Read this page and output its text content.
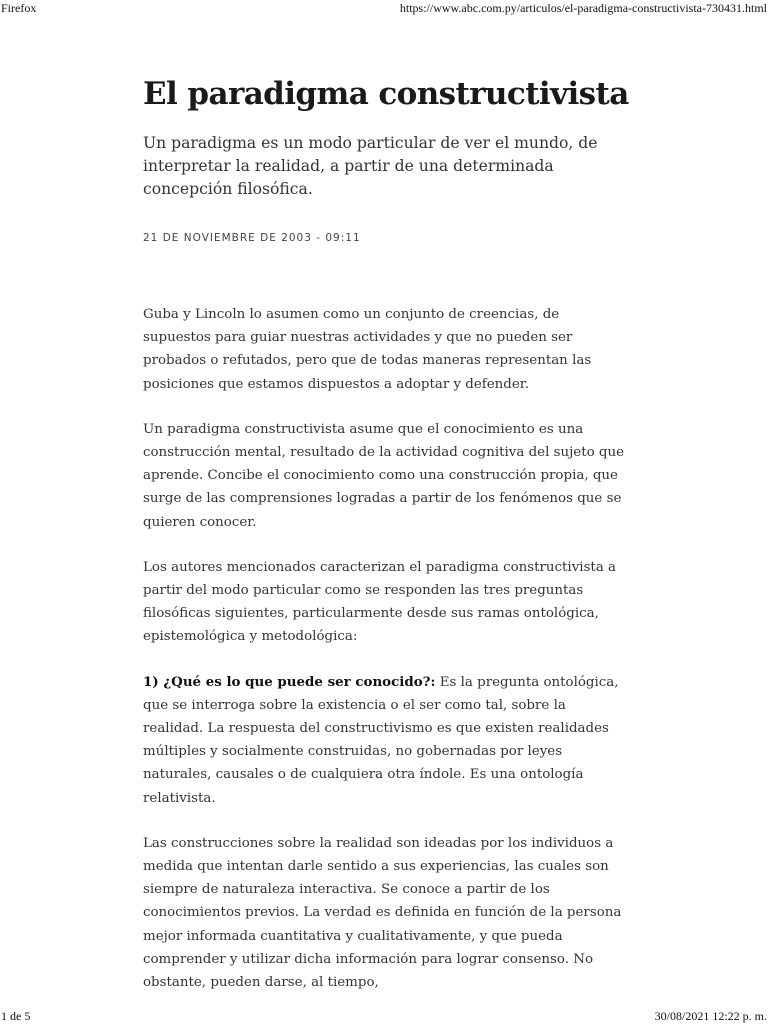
Firefox	https://www.abc.com.py/articulos/el-paradigma-constructivista-730431.html
El paradigma constructivista

Un paradigma es un modo particular de ver el mundo, de interpretar la realidad, a partir de una determinada concepción filosófica.

21 DE NOVIEMBRE DE 2003 - 09:11

Guba y Lincoln lo asumen como un conjunto de creencias, de supuestos para guiar nuestras actividades y que no pueden ser probados o refutados, pero que de todas maneras representan las posiciones que estamos dispuestos a adoptar y defender.

Un paradigma constructivista asume que el conocimiento es una construcción mental, resultado de la actividad cognitiva del sujeto que aprende. Concibe el conocimiento como una construcción propia, que surge de las comprensiones logradas a partir de los fenómenos que se quieren conocer.

Los autores mencionados caracterizan el paradigma constructivista a partir del modo particular como se responden las tres preguntas filosóficas siguientes, particularmente desde sus ramas ontológica, epistemológica y metodológica:

1) ¿Qué es lo que puede ser conocido?: Es la pregunta ontológica, que se interroga sobre la existencia o el ser como tal, sobre la realidad. La respuesta del constructivismo es que existen realidades múltiples y socialmente construidas, no gobernadas por leyes naturales, causales o de cualquiera otra índole. Es una ontología relativista.

Las construcciones sobre la realidad son ideadas por los individuos a medida que intentan darle sentido a sus experiencias, las cuales son siempre de naturaleza interactiva. Se conoce a partir de los conocimientos previos. La verdad es definida en función de la persona mejor informada cuantitativa y cualitativamente, y que pueda comprender y utilizar dicha información para lograr consenso. No obstante, pueden darse, al tiempo,

1 de 5	30/08/2021 12:22 p. m.
